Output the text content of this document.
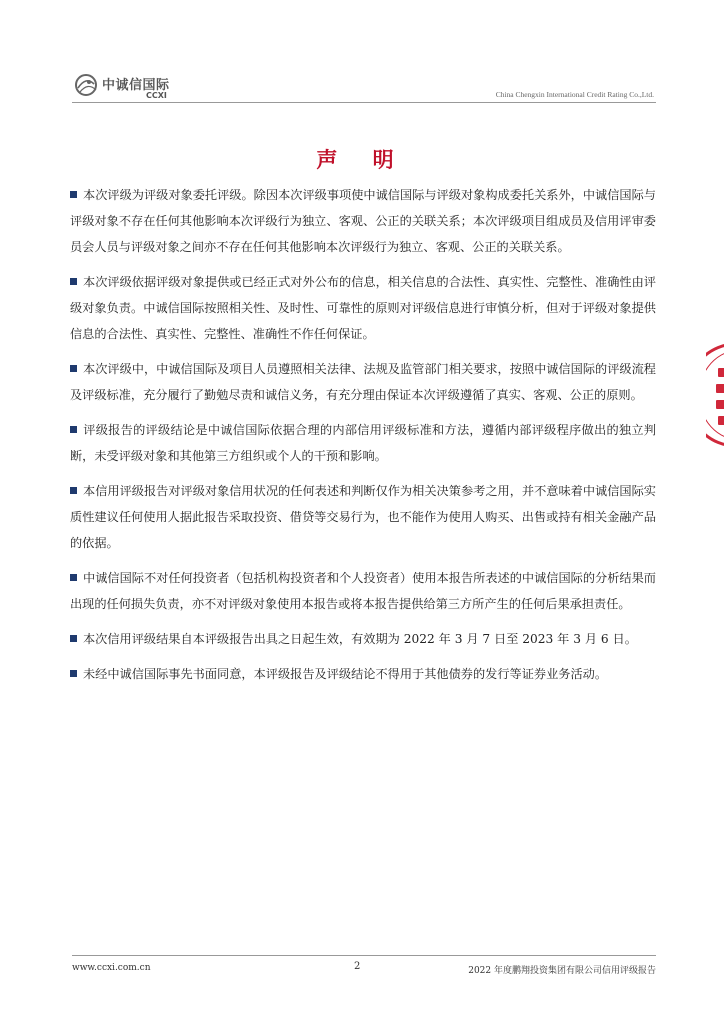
中诚信国际
CCXI	China Chengxin International Credit Rating Co.,Ltd.
声 明

本次评级为评级对象委托评级。除因本次评级事项使中诚信国际与评级对象构成委托关系外，中诚信国际与评级对象不存在任何其他影响本次评级行为独立、客观、公正的关联关系；本次评级项目组成员及信用评审委员会人员与评级对象之间亦不存在任何其他影响本次评级行为独立、客观、公正的关联关系。

本次评级依据评级对象提供或已经正式对外公布的信息，相关信息的合法性、真实性、完整性、准确性由评级对象负责。中诚信国际按照相关性、及时性、可靠性的原则对评级信息进行审慎分析，但对于评级对象提供信息的合法性、真实性、完整性、准确性不作任何保证。

本次评级中，中诚信国际及项目人员遵照相关法律、法规及监管部门相关要求，按照中诚信国际的评级流程及评级标准，充分履行了勤勉尽责和诚信义务，有充分理由保证本次评级遵循了真实、客观、公正的原则。

评级报告的评级结论是中诚信国际依据合理的内部信用评级标准和方法，遵循内部评级程序做出的独立判断，未受评级对象和其他第三方组织或个人的干预和影响。

本信用评级报告对评级对象信用状况的任何表述和判断仅作为相关决策参考之用，并不意味着中诚信国际实质性建议任何使用人据此报告采取投资、借贷等交易行为，也不能作为使用人购买、出售或持有相关金融产品的依据。

中诚信国际不对任何投资者（包括机构投资者和个人投资者）使用本报告所表述的中诚信国际的分析结果而出现的任何损失负责，亦不对评级对象使用本报告或将本报告提供给第三方所产生的任何后果承担责任。

本次信用评级结果自本评级报告出具之日起生效，有效期为 2022 年 3 月 7 日至 2023 年 3 月 6 日。

未经中诚信国际事先书面同意，本评级报告及评级结论不得用于其他债券的发行等证券业务活动。

www.ccxi.com.cn	2	2022 年度鹏翔投资集团有限公司信用评级报告
